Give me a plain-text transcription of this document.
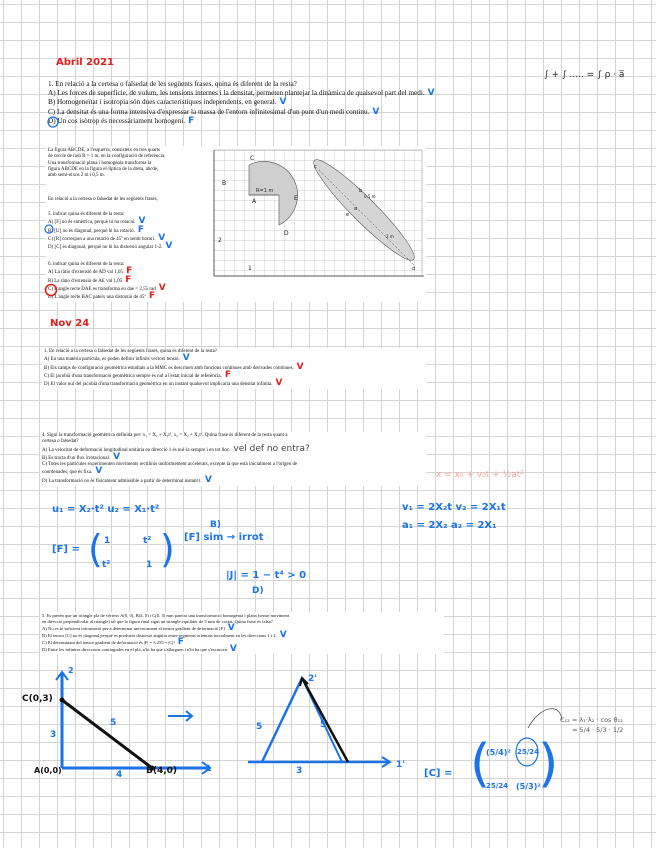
Abril 2021
1. En relació a la certesa o falsedat de les següents frases, quina és diferent de la resta?
A) Les forces de superfície, de volum, les tensions internes i la densitat, permeten plantejar la dinàmica de qualsevol part del medi. V
B) Homogeneïtat i isotropia són dues característiques independents, en general. V
C) La densitat és una forma intensiva d'expressar la massa de l'entorn infinitesimal d'un punt d'un medi continu. V
D) Un cos isòtrop és necessàriament homogeni. F
∫ + ∫ ..... = ∫ ρ · a̅
La figura ABCDE, a l'esquerra, consisteix en tres quarts
de cercle de radi R = 1 m, en la configuració de referència.
Una transformació plana i homogènia transforma la
figura ABCDE en la figura el·líptica de la dreta, abcde,
amb semi-eixos 2 m i 0,5 m.
En relació a la certesa o falsedat de les següents frases,
5. indicar quina és diferent de la resta:
A) [F] no és simètrica, perquè hi ha rotació. V
B) [U] no és diagonal, perquè hi ha rotació. F
C) [R] correspon a una rotació de 45º en sentit horari. V
D) [C] és diagonal, perquè no hi ha distorsió angular 1-2. V
6. indicar quina és diferent de la resta:
A) La ràtio d'extensió de AD val 1,05 F
B) La ràtio d'extensió de AE val 1,05 F
C) L'angle recte DAE es transforma en dae = 2,55 rad V
D) L'angle recte BAC pateix una distorsió de 45º F
R=1 m
C
B
A
D
E
a
b
c
d
e
0,5 m
2 m
2
1
Nov 24
1. En relació a la certesa o falsedat de les següents frases, quina és diferent de la resta?
A) En una matèria particula, es poden definir infinits vectors tensió. V
B) Els camps de configuració geomètrica estudiats a la MMC es descriuen amb funcions contínues amb derivades contínues. V
C) El jacobià d'una transformació geomètrica sempre és nul a l'estat inicial de referència. F
D) El valor nul del jacobià d'una transformació geomètrica en un instant qualsevol implicaria una densitat infinita. V
4. Sigui la transformació geomètrica definida per: x₁ = X₁ + X₂t², x₂ = X₂ + X₁t². Quina frase és diferent de la resta quant a
certesa o falsedat?
A) La velocitat de deformació longitudinal unitària en direcció 1 és nul·la sempre i en tot lloc. vel def no entra?
B) Es tracta d'un flux irrotacional. V
C) Totes les partícules experimenten moviments rectilinis uniformement accelerats, excepte la que està inicialment a l'origen de
coordenades, que és fixa. V
D) La transformació no és físicament admissible a partir de determinat instant t. V	x = x₀ + v₀t + ½at²
u₁ = X₂·t² u₂ = X₁·t²	v₁ = 2X₂t v₂ = 2X₁t
a₁ = 2X₂ a₂ = 2X₁
[F] = ( )
1	t²
t²	1
B)
[F] sim → irrot
|J| = 1 − t⁴ > 0
D)
5. Es pretén que un triangle pla de vèrtexs A(0, 0), B(4, 0) i C(0, 3) mm pateixi una transformació homogènia i plana (sense moviment
en direcció perpendicular al triangle) tal que la figura final sigui un triangle equilàter de 5 mm de costat. Quina frase és falsa?
A) No es té suficient informació per a determinar unívocament el tensor gradient de deformació [F] V
B) El tensor [C] no és diagonal perquè es produeix distorsió angular entre segments orientats inicialment en les direccions 1 i 2. V
C) El determinant del tensor gradient de deformació és |F| = 3,255 = |C|² F
D) Entre les infinites direccions contingudes en el pla, n'hi ha que s'allarguen i n'hi ha que s'escurcen V
C(0,3)
A(0,0)	B(4,0)
5
3
4
2
1
5	5
3
2'
1'
[C] = ( )
(5/4)² 25/24
25/24 (5/3)²
C₁₂ = λ₁·λ₂ · cos θ₁₂
= 5/4 · 5/3 · 1/2
